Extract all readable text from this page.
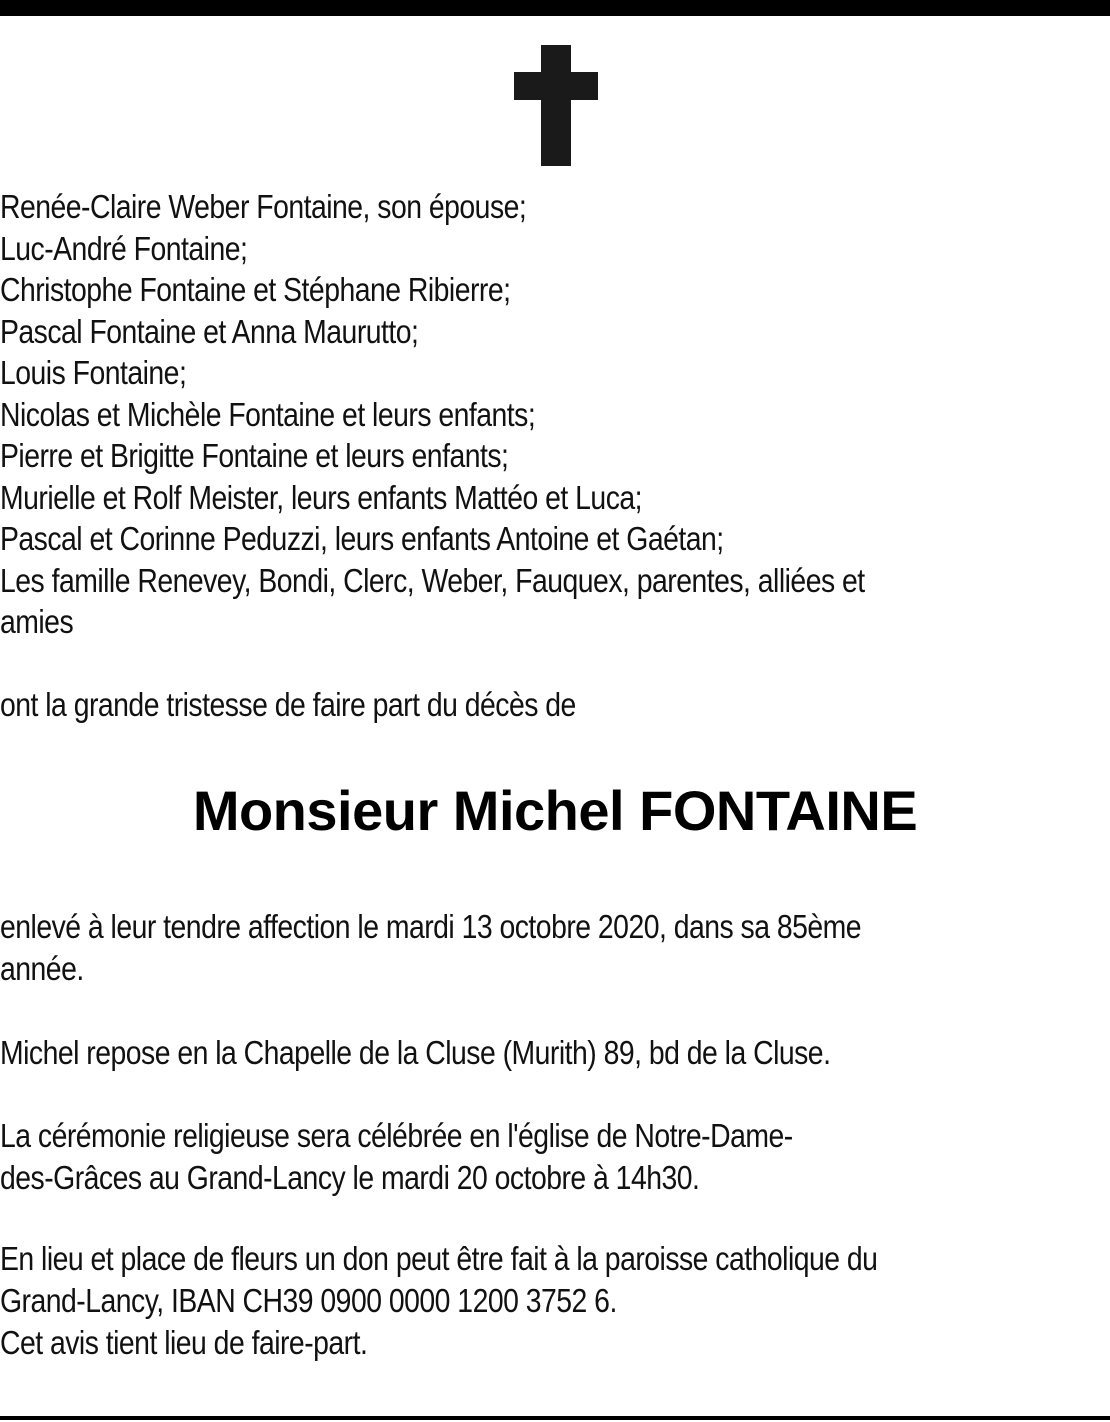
Renée-Claire Weber Fontaine, son épouse;
Luc-André Fontaine;
Christophe Fontaine et Stéphane Ribierre;
Pascal Fontaine et Anna Maurutto;
Louis Fontaine;
Nicolas et Michèle Fontaine et leurs enfants;
Pierre et Brigitte Fontaine et leurs enfants;
Murielle et Rolf Meister, leurs enfants Mattéo et Luca;
Pascal et Corinne Peduzzi, leurs enfants Antoine et Gaétan;
Les famille Renevey, Bondi, Clerc, Weber, Fauquex, parentes, alliées et
amies
ont la grande tristesse de faire part du décès de
Monsieur Michel FONTAINE
enlevé à leur tendre affection le mardi 13 octobre 2020, dans sa 85ème
année.
Michel repose en la Chapelle de la Cluse (Murith) 89, bd de la Cluse.
La cérémonie religieuse sera célébrée en l'église de Notre-Dame-
des-Grâces au Grand-Lancy le mardi 20 octobre à 14h30.
En lieu et place de fleurs un don peut être fait à la paroisse catholique du
Grand-Lancy, IBAN CH39 0900 0000 1200 3752 6.
Cet avis tient lieu de faire-part.
